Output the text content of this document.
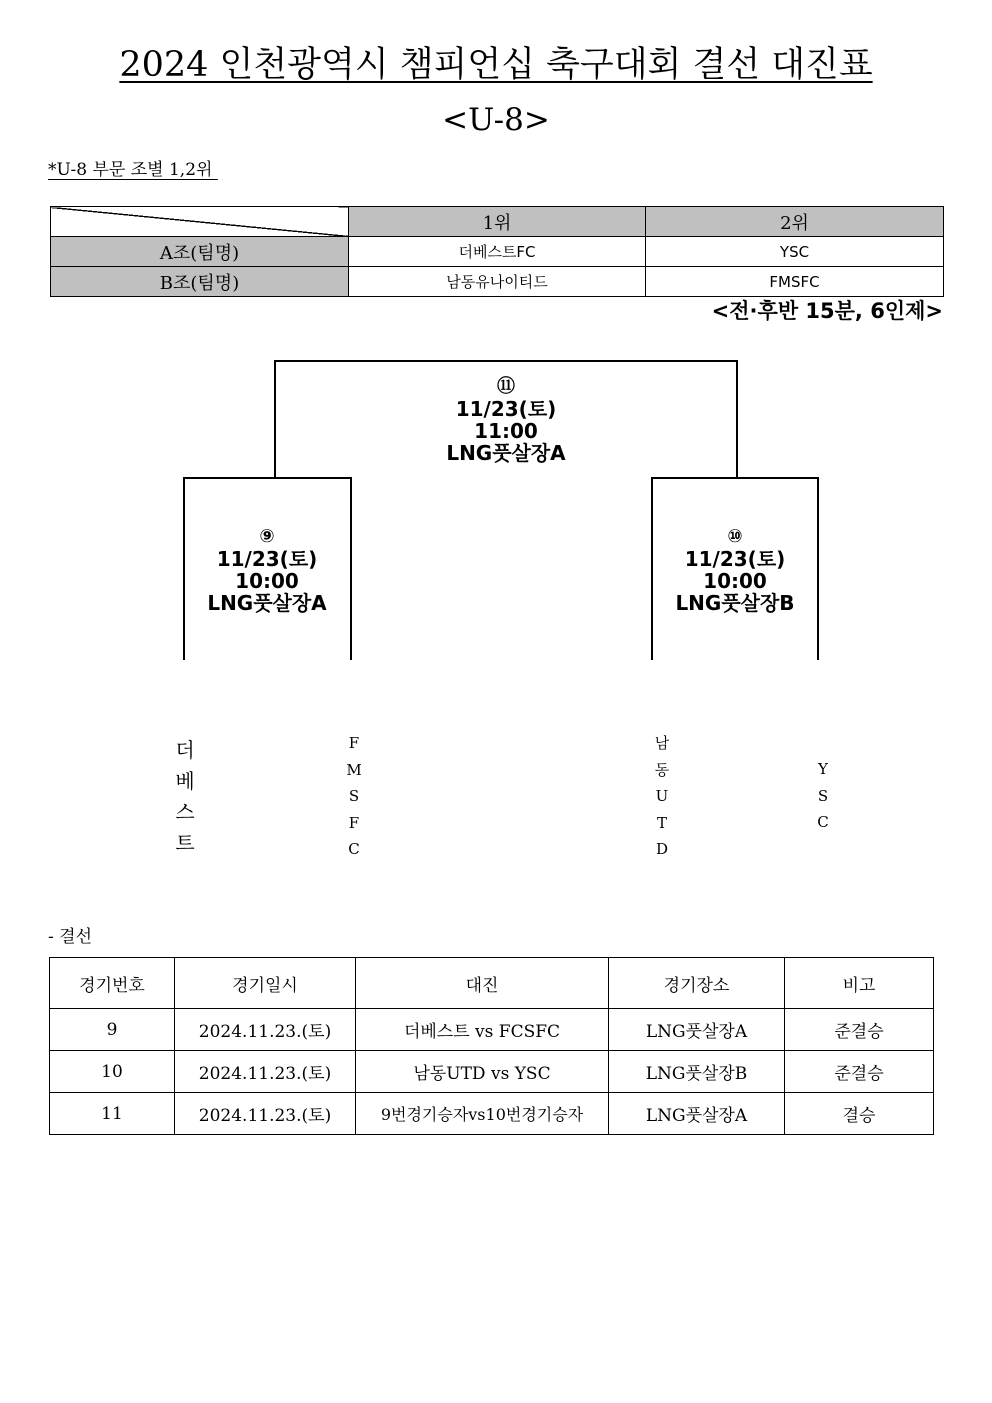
2024 인천광역시 챔피언십 축구대회 결선 대진표
<U-8>
*U-8 부문 조별 1,2위
	1위	2위
A조(팀명)	더베스트FC	YSC
B조(팀명)	남동유나이티드	FMSFC
<전·후반 15분, 6인제>
⑪
11/23(토)
11:00
LNG풋살장A
⑨
11/23(토)
10:00
LNG풋살장A
⑩
11/23(토)
10:00
LNG풋살장B
더
베
스
트
F
M
S
F
C
남
동
U
T
D
Y
S
C
- 결선
경기번호	경기일시	대진	경기장소	비고
9	2024.11.23.(토)	더베스트 vs FCSFC	LNG풋살장A	준결승
10	2024.11.23.(토)	남동UTD vs YSC	LNG풋살장B	준결승
11	2024.11.23.(토)	9번경기승자vs10번경기승자	LNG풋살장A	결승
